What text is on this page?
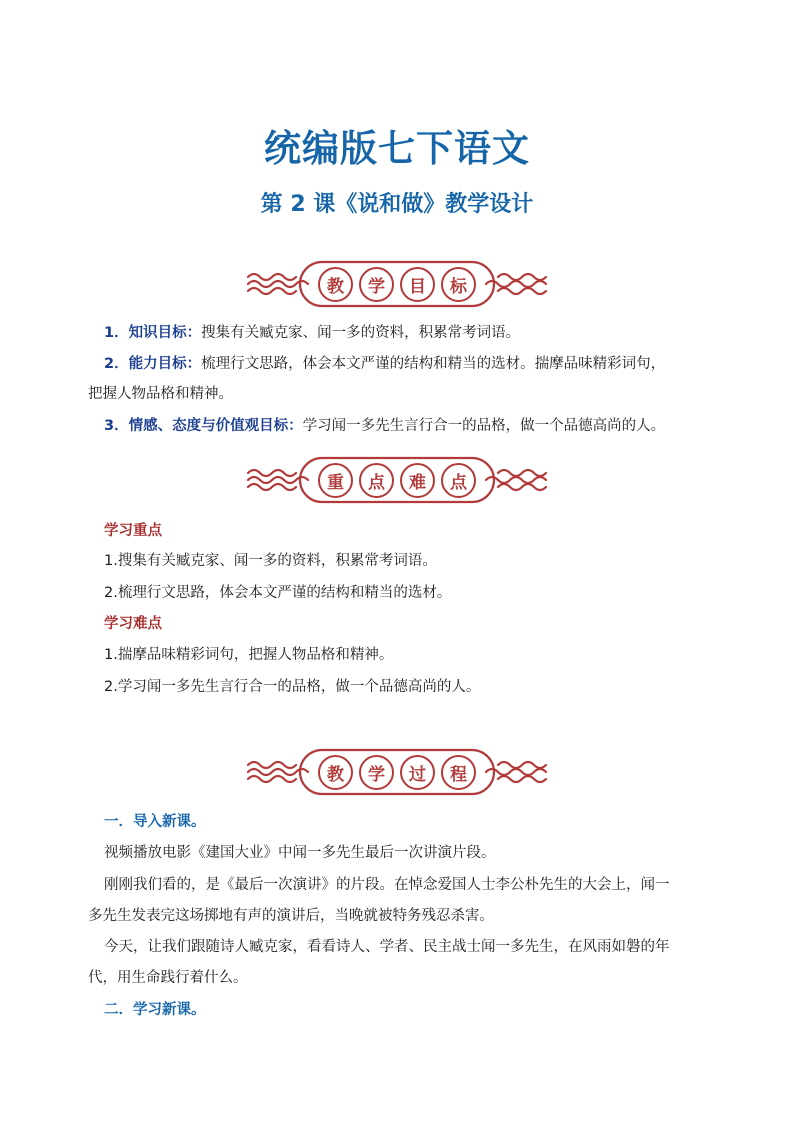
统编版七下语文
第 2 课《说和做》教学设计
教	学	目	标
1．知识目标：搜集有关臧克家、闻一多的资料，积累常考词语。
2．能力目标：梳理行文思路，体会本文严谨的结构和精当的选材。揣摩品味精彩词句，
把握人物品格和精神。
3．情感、态度与价值观目标：学习闻一多先生言行合一的品格，做一个品德高尚的人。
重	点	难	点
学习重点
1.搜集有关臧克家、闻一多的资料，积累常考词语。
2.梳理行文思路，体会本文严谨的结构和精当的选材。
学习难点
1.揣摩品味精彩词句，把握人物品格和精神。
2.学习闻一多先生言行合一的品格，做一个品德高尚的人。
教	学	过	程
一．导入新课。
视频播放电影《建国大业》中闻一多先生最后一次讲演片段。
刚刚我们看的，是《最后一次演讲》的片段。在悼念爱国人士李公朴先生的大会上，闻一
多先生发表完这场掷地有声的演讲后，当晚就被特务残忍杀害。
今天，让我们跟随诗人臧克家，看看诗人、学者、民主战士闻一多先生，在风雨如磐的年
代，用生命践行着什么。
二．学习新课。
